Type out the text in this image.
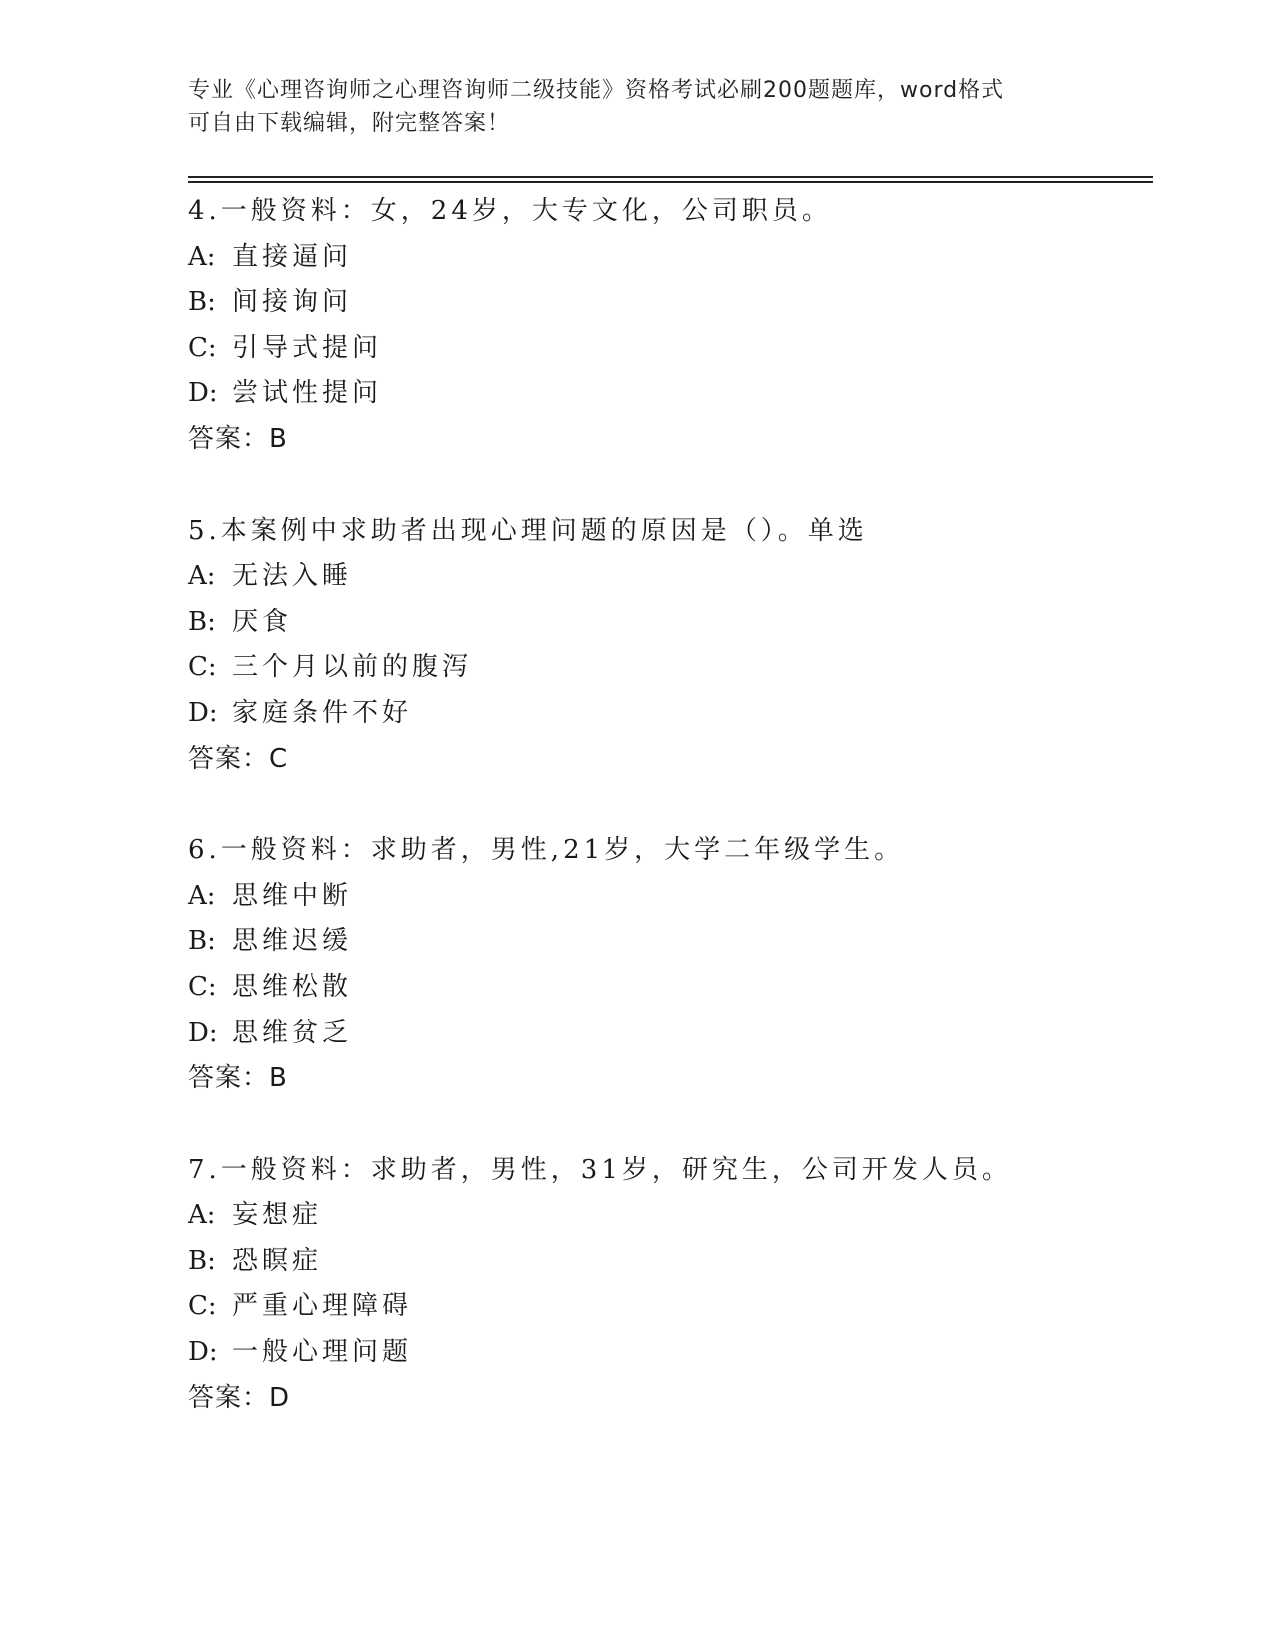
专业《心理咨询师之心理咨询师二级技能》资格考试必刷200题题库，word格式
可自由下载编辑，附完整答案！
4.一般资料：女，24岁，大专文化，公司职员。
A: 直接逼问
B: 间接询问
C: 引导式提问
D: 尝试性提问
答案：B
5.本案例中求助者出现心理问题的原因是（）。单选
A: 无法入睡
B: 厌食
C: 三个月以前的腹泻
D: 家庭条件不好
答案：C
6.一般资料：求助者，男性,21岁，大学二年级学生。
A: 思维中断
B: 思维迟缓
C: 思维松散
D: 思维贫乏
答案：B
7.一般资料：求助者，男性，31岁，研究生，公司开发人员。
A: 妄想症
B: 恐瞑症
C: 严重心理障碍
D: 一般心理问题
答案：D
